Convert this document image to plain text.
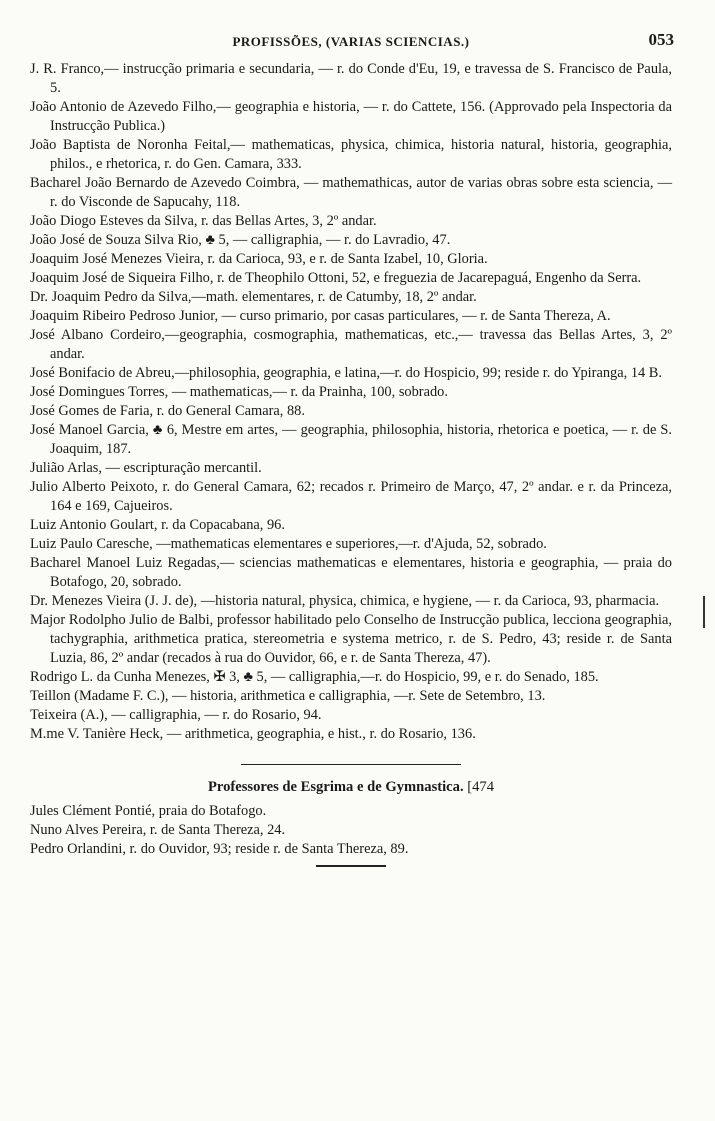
PROFISSÕES, (VARIAS SCIENCIAS.)	053

J. R. Franco,— instrucção primaria e secundaria, — r. do Conde d'Eu, 19, e travessa de S. Francisco de Paula, 5.

João Antonio de Azevedo Filho,— geographia e historia, — r. do Cattete, 156. (Approvado pela Inspectoria da Instrucção Publica.)

João Baptista de Noronha Feital,— mathematicas, physica, chimica, historia natural, historia, geographia, philos., e rhetorica, r. do Gen. Camara, 333.

Bacharel João Bernardo de Azevedo Coimbra, — mathemathicas, autor de varias obras sobre esta sciencia, — r. do Visconde de Sapucahy, 118.

João Diogo Esteves da Silva, r. das Bellas Artes, 3, 2º andar.

João José de Souza Silva Rio, ♣ 5, — calligraphia, — r. do Lavradio, 47.

Joaquim José Menezes Vieira, r. da Carioca, 93, e r. de Santa Izabel, 10, Gloria.

Joaquim José de Siqueira Filho, r. de Theophilo Ottoni, 52, e freguezia de Jacarepaguá, Engenho da Serra.

Dr. Joaquim Pedro da Silva,—math. elementares, r. de Catumby, 18, 2º andar.

Joaquim Ribeiro Pedroso Junior, — curso primario, por casas particulares, — r. de Santa Thereza, A.

José Albano Cordeiro,—geographia, cosmographia, mathematicas, etc.,— travessa das Bellas Artes, 3, 2º andar.

José Bonifacio de Abreu,—philosophia, geographia, e latina,—r. do Hospicio, 99; reside r. do Ypiranga, 14 B.

José Domingues Torres, — mathematicas,— r. da Prainha, 100, sobrado.

José Gomes de Faria, r. do General Camara, 88.

José Manoel Garcia, ♣ 6, Mestre em artes, — geographia, philosophia, historia, rhetorica e poetica, — r. de S. Joaquim, 187.

Julião Arlas, — escripturação mercantil.

Julio Alberto Peixoto, r. do General Camara, 62; recados r. Primeiro de Março, 47, 2º andar. e r. da Princeza, 164 e 169, Cajueiros.

Luiz Antonio Goulart, r. da Copacabana, 96.

Luiz Paulo Caresche, —mathematicas elementares e superiores,—r. d'Ajuda, 52, sobrado.

Bacharel Manoel Luiz Regadas,— sciencias mathematicas e elementares, historia e geographia, — praia do Botafogo, 20, sobrado.

Dr. Menezes Vieira (J. J. de), —historia natural, physica, chimica, e hygiene, — r. da Carioca, 93, pharmacia.

Major Rodolpho Julio de Balbi, professor habilitado pelo Conselho de Instrucção publica, lecciona geographia, tachygraphia, arithmetica pratica, stereometria e systema metrico, r. de S. Pedro, 43; reside r. de Santa Luzia, 86, 2º andar (recados à rua do Ouvidor, 66, e r. de Santa Thereza, 47).

Rodrigo L. da Cunha Menezes, ✠ 3, ♣ 5, — calligraphia,—r. do Hospicio, 99, e r. do Senado, 185.

Teillon (Madame F. C.), — historia, arithmetica e calligraphia, —r. Sete de Setembro, 13.

Teixeira (A.), — calligraphia, — r. do Rosario, 94.

M.me V. Tanière Heck, — arithmetica, geographia, e hist., r. do Rosario, 136.

Professores de Esgrima e de Gymnastica. [474

Jules Clément Pontié, praia do Botafogo.

Nuno Alves Pereira, r. de Santa Thereza, 24.

Pedro Orlandini, r. do Ouvidor, 93; reside r. de Santa Thereza, 89.
